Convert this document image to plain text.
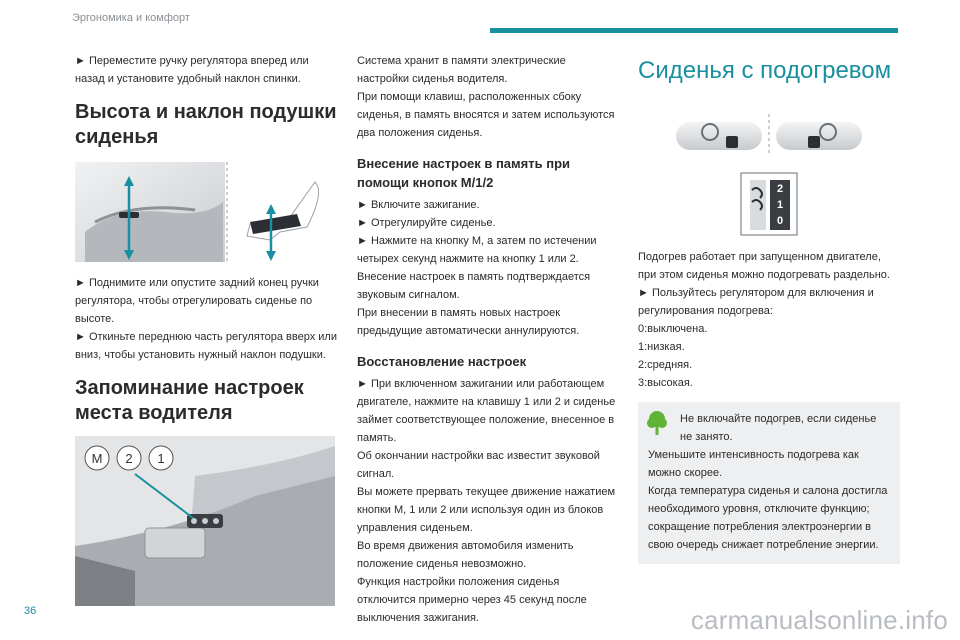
Эргономика и комфорт

► Переместите ручку регулятора вперед или назад и установите удобный наклон спинки.

Высота и наклон подушки сиденья

► Поднимите или опустите задний конец ручки регулятора, чтобы отрегулировать сиденье по высоте.

► Откиньте переднюю часть регулятора вверх или вниз, чтобы установить нужный наклон подушки.

Запоминание настроек места водителя
M 2 1

Система хранит в памяти электрические настройки сиденья водителя.

При помощи клавиш, расположенных сбоку сиденья, в память вносятся и затем используются два положения сиденья.

Внесение настроек в память при помощи кнопок M/1/2

► Включите зажигание.

► Отрегулируйте сиденье.

► Нажмите на кнопку M, а затем по истечении четырех секунд нажмите на кнопку 1 или 2.

Внесение настроек в память подтверждается звуковым сигналом.

При внесении в память новых настроек предыдущие автоматически аннулируются.

Восстановление настроек

► При включенном зажигании или работающем двигателе, нажмите на клавишу 1 или 2 и сиденье займет соответствующее положение, внесенное в память.

Об окончании настройки вас известит звуковой сигнал.

Вы можете прервать текущее движение нажатием кнопки M, 1 или 2 или используя один из блоков управления сиденьем.

Во время движения автомобиля изменить положение сиденья невозможно.

Функция настройки положения сиденья отключится примерно через 45 секунд после выключения зажигания.

Сиденья с подогревом
2
1
0

Подогрев работает при запущенном двигателе, при этом сиденья можно подогревать раздельно.

► Пользуйтесь регулятором для включения и регулирования подогрева:

0:выключена.

1:низкая.

2:средняя.

3:высокая.

Не включайте подогрев, если сиденье не занято.

Уменьшите интенсивность подогрева как можно скорее.

Когда температура сиденья и салона достигла необходимого уровня, отключите функцию; сокращение потребления электроэнергии в свою очередь снижает потребление энергии.

36	carmanualsonline.info
